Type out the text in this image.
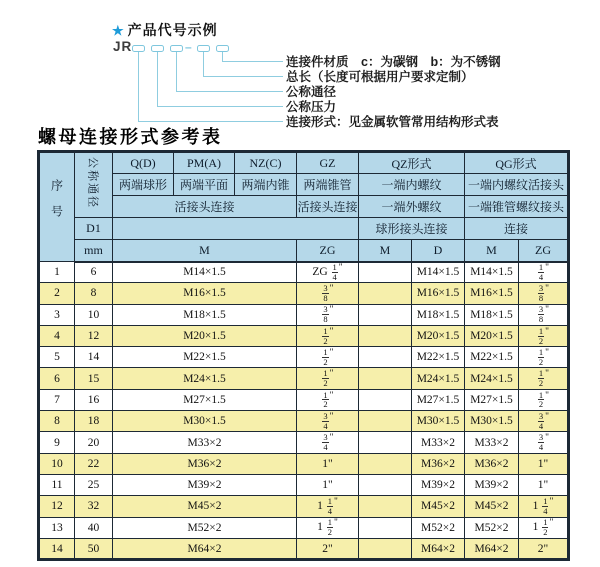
★ 产品代号示例
JR	–
连接件材质　c：为碳钢　b：为不锈钢
总长（长度可根据用户要求定制）
公称通径
公称压力
连接形式：见金属软管常用结构形式表
螺母连接形式参考表
序号	公称通径	Q(D)	PM(A)	NZ(C)	GZ	QZ形式		QG形式	
		两端球形	两端平面	两端内锥	两端锥管	一端内螺纹		一端内螺纹活接头	
		活接头连接			活接头连接	一端外螺纹		一端锥管螺纹接头	
	D1					球形接头连接		连接	
	mm	M			ZG	M	D	M	ZG
1	6	M14×1.5			ZG $\frac{1}{4} ^"$		M14×1.5	M14×1.5	$\frac{1}{4} ^"$
2	8	M16×1.5			$\frac{3}{8} ^"$		M16×1.5	M16×1.5	$\frac{3}{8} ^"$
3	10	M18×1.5			$\frac{3}{8} ^"$		M18×1.5	M18×1.5	$\frac{3}{8} ^"$
4	12	M20×1.5			$\frac{1}{2} ^"$		M20×1.5	M20×1.5	$\frac{1}{2} ^"$
5	14	M22×1.5			$\frac{1}{2} ^"$		M22×1.5	M22×1.5	$\frac{1}{2} ^"$
6	15	M24×1.5			$\frac{1}{2} ^"$		M24×1.5	M24×1.5	$\frac{1}{2} ^"$
7	16	M27×1.5			$\frac{1}{2} ^"$		M27×1.5	M27×1.5	$\frac{1}{2} ^"$
8	18	M30×1.5			$\frac{3}{4} ^"$		M30×1.5	M30×1.5	$\frac{3}{4} ^"$
9	20	M33×2			$\frac{3}{4} ^"$		M33×2	M33×2	$\frac{3}{4} ^"$
10	22	M36×2			1"		M36×2	M36×2	1"
11	25	M39×2			1"		M39×2	M39×2	1"
12	32	M45×2			$1 \frac{1}{4} ^"$		M45×2	M45×2	$1 \frac{1}{4} ^"$
13	40	M52×2			$1 \frac{1}{2} ^"$		M52×2	M52×2	$1 \frac{1}{2} ^"$
14	50	M64×2			2"		M64×2	M64×2	2"
